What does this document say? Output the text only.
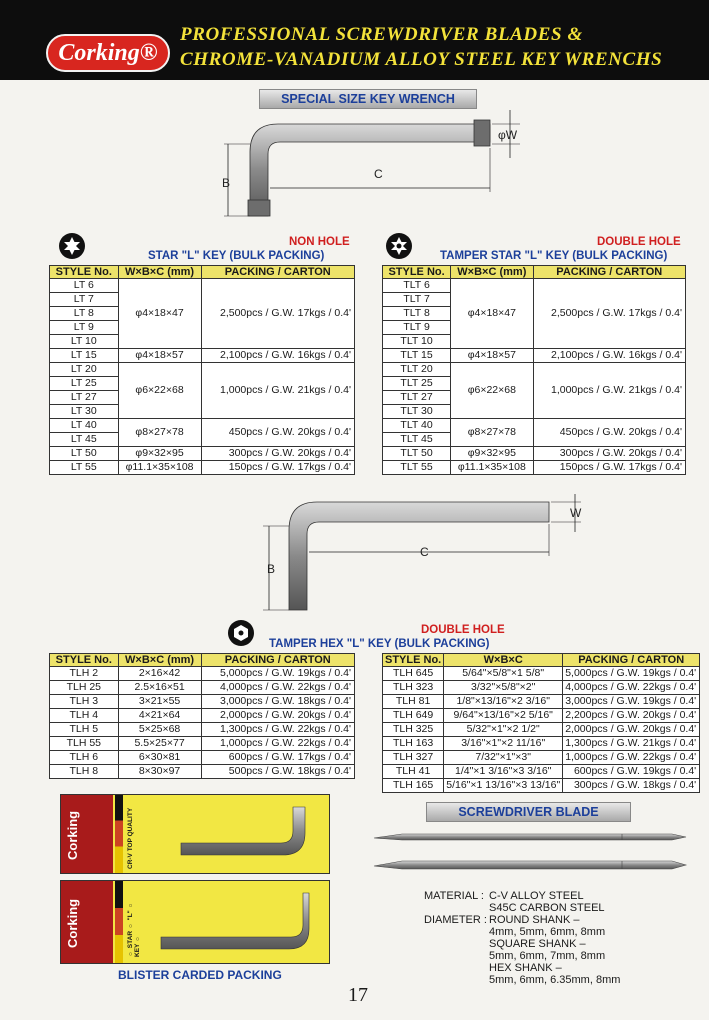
Corking®
PROFESSIONAL SCREWDRIVER BLADES &
CHROME-VANADIUM ALLOY STEEL KEY WRENCHS
SPECIAL SIZE KEY WRENCH
φW
B
C
NON HOLE
STAR "L" KEY (BULK PACKING)
STYLE No.	W×B×C (mm)	PACKING / CARTON
LT 6	φ4×18×47	2,500pcs / G.W. 17kgs / 0.4'
LT 7		
LT 8		
LT 9		
LT 10		
LT 15	φ4×18×57	2,100pcs / G.W. 16kgs / 0.4'
LT 20	φ6×22×68	1,000pcs / G.W. 21kgs / 0.4'
LT 25		
LT 27		
LT 30		
LT 40	φ8×27×78	450pcs / G.W. 20kgs / 0.4'
LT 45		
LT 50	φ9×32×95	300pcs / G.W. 20kgs / 0.4'
LT 55	φ11.1×35×108	150pcs / G.W. 17kgs / 0.4'
DOUBLE HOLE
TAMPER STAR "L" KEY (BULK PACKING)
STYLE No.	W×B×C (mm)	PACKING / CARTON
TLT 6	φ4×18×47	2,500pcs / G.W. 17kgs / 0.4'
TLT 7		
TLT 8		
TLT 9		
TLT 10		
TLT 15	φ4×18×57	2,100pcs / G.W. 16kgs / 0.4'
TLT 20	φ6×22×68	1,000pcs / G.W. 21kgs / 0.4'
TLT 25		
TLT 27		
TLT 30		
TLT 40	φ8×27×78	450pcs / G.W. 20kgs / 0.4'
TLT 45		
TLT 50	φ9×32×95	300pcs / G.W. 20kgs / 0.4'
TLT 55	φ11.1×35×108	150pcs / G.W. 17kgs / 0.4'
W
B
C
DOUBLE HOLE
TAMPER HEX "L" KEY (BULK PACKING)
STYLE No.	W×B×C (mm)	PACKING / CARTON
TLH 2	2×16×42	5,000pcs / G.W. 19kgs / 0.4'
TLH 25	2.5×16×51	4,000pcs / G.W. 22kgs / 0.4'
TLH 3	3×21×55	3,000pcs / G.W. 18kgs / 0.4'
TLH 4	4×21×64	2,000pcs / G.W. 20kgs / 0.4'
TLH 5	5×25×68	1,300pcs / G.W. 22kgs / 0.4'
TLH 55	5.5×25×77	1,000pcs / G.W. 22kgs / 0.4'
TLH 6	6×30×81	600pcs / G.W. 17kgs / 0.4'
TLH 8	8×30×97	500pcs / G.W. 18kgs / 0.4'
STYLE No.	W×B×C	PACKING / CARTON
TLH 645	5/64"×5/8"×1 5/8"	5,000pcs / G.W. 19kgs / 0.4'
TLH 323	3/32"×5/8"×2"	4,000pcs / G.W. 22kgs / 0.4'
TLH 81	1/8"×13/16"×2 3/16"	3,000pcs / G.W. 19kgs / 0.4'
TLH 649	9/64"×13/16"×2 5/16"	2,200pcs / G.W. 20kgs / 0.4'
TLH 325	5/32"×1"×2 1/2"	2,000pcs / G.W. 20kgs / 0.4'
TLH 163	3/16"×1"×2 11/16"	1,300pcs / G.W. 21kgs / 0.4'
TLH 327	7/32"×1"×3"	1,000pcs / G.W. 22kgs / 0.4'
TLH 41	1/4"×1 3/16"×3 3/16"	600pcs / G.W. 19kgs / 0.4'
TLH 165	5/16"×1 13/16"×3 13/16"	300pcs / G.W. 18kgs / 0.4'
Corking	CR-V TOP QUALITY
Corking	○ STAR ○ "L" ○ KEY ○
BLISTER CARDED PACKING
SCREWDRIVER BLADE
MATERIAL : C-V ALLOY STEEL
S45C CARBON STEEL
DIAMETER : ROUND SHANK –
4mm, 5mm, 6mm, 8mm
SQUARE SHANK –
5mm, 6mm, 7mm, 8mm
HEX SHANK –
5mm, 6mm, 6.35mm, 8mm
17
